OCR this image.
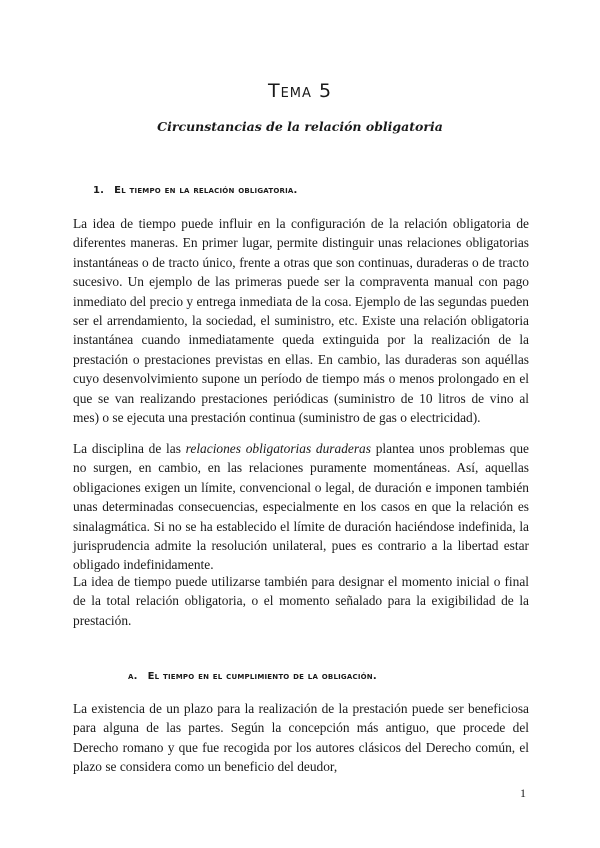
Tema 5
Circunstancias de la relación obligatoria
1. El tiempo en la relación obligatoria.

La idea de tiempo puede influir en la configuración de la relación obligatoria de diferentes maneras. En primer lugar, permite distinguir unas relaciones obligatorias instantáneas o de tracto único, frente a otras que son continuas, duraderas o de tracto sucesivo. Un ejemplo de las primeras puede ser la compraventa manual con pago inmediato del precio y entrega inmediata de la cosa. Ejemplo de las segundas pueden ser el arrendamiento, la sociedad, el suministro, etc. Existe una relación obligatoria instantánea cuando inmediatamente queda extinguida por la realización de la prestación o prestaciones previstas en ellas. En cambio, las duraderas son aquéllas cuyo desenvolvimiento supone un período de tiempo más o menos prolongado en el que se van realizando prestaciones periódicas (suministro de 10 litros de vino al mes) o se ejecuta una prestación continua (suministro de gas o electricidad).

La disciplina de las relaciones obligatorias duraderas plantea unos problemas que no surgen, en cambio, en las relaciones puramente momentáneas. Así, aquellas obligaciones exigen un límite, convencional o legal, de duración e imponen también unas determinadas consecuencias, especialmente en los casos en que la relación es sinalagmática. Si no se ha establecido el límite de duración haciéndose indefinida, la jurisprudencia admite la resolución unilateral, pues es contrario a la libertad estar obligado indefinidamente.

La idea de tiempo puede utilizarse también para designar el momento inicial o final de la total relación obligatoria, o el momento señalado para la exigibilidad de la prestación.

a. El tiempo en el cumplimiento de la obligación.

La existencia de un plazo para la realización de la prestación puede ser beneficiosa para alguna de las partes. Según la concepción más antiguo, que procede del Derecho romano y que fue recogida por los autores clásicos del Derecho común, el plazo se considera como un beneficio del deudor,

1
